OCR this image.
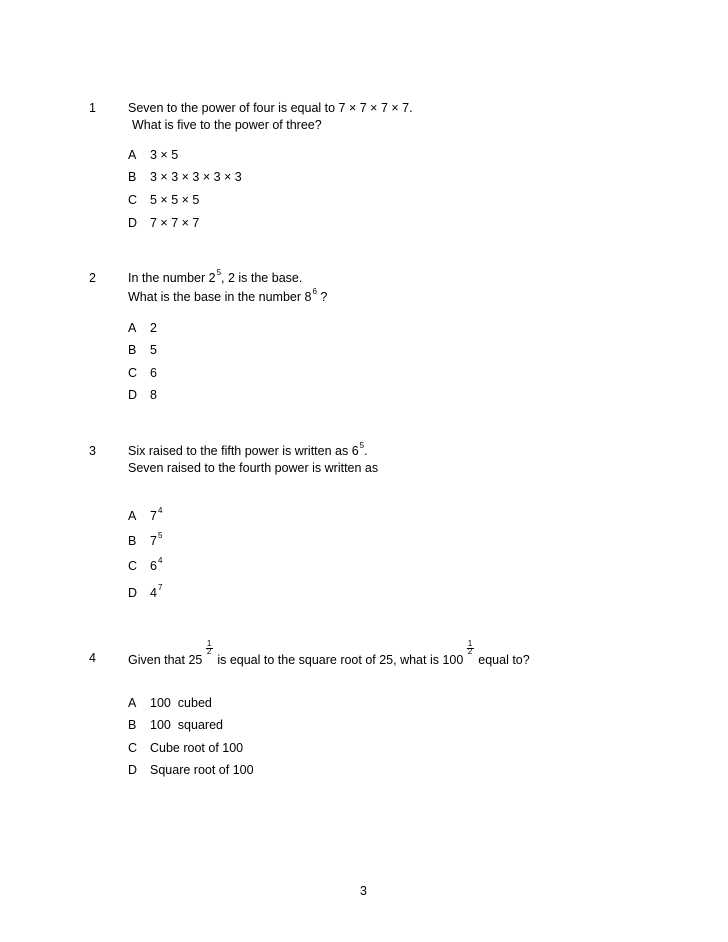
1	Seven to the power of four is equal to 7 × 7 × 7 × 7.
What is five to the power of three?
A 3 × 5
B 3 × 3 × 3 × 3 × 3
C 5 × 5 × 5
D 7 × 7 × 7
2	In the number $2^5$, 2 is the base.
What is the base in the number $8^6$ ?
A 2
B 5
C 6
D 8
3	Six raised to the fifth power is written as $6^5$.
Seven raised to the fourth power is written as
A $7^4$
B $7^5$
C $6^4$
D $4^7$
4	Given that $25 \frac{1}{2}$ is equal to the square root of 25, what is $100 \frac{1}{2}$ equal to?
A 100  cubed
B 100  squared
C Cube root of 100
D Square root of 100
3
